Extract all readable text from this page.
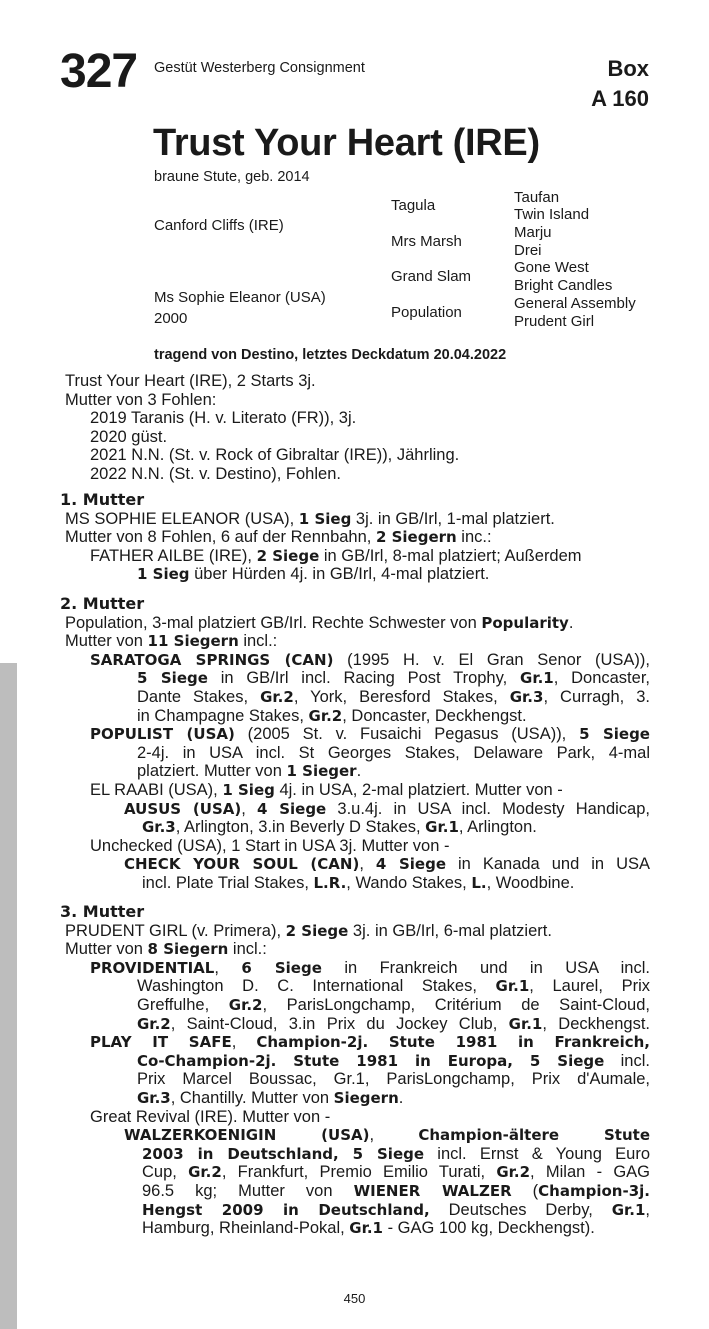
327 Gestüt Westerberg Consignment	Box
A 160
Trust Your Heart (IRE)
braune Stute, geb. 2014
Canford Cliffs (IRE)
Ms Sophie Eleanor (USA)
2000
Tagula
Mrs Marsh
Grand Slam
Population
Taufan
Twin Island
Marju
Drei
Gone West
Bright Candles
General Assembly
Prudent Girl
tragend von Destino, letztes Deckdatum 20.04.2022
Trust Your Heart (IRE), 2 Starts 3j.
Mutter von 3 Fohlen:
2019 Taranis (H. v. Literato (FR)), 3j.
2020 güst.
2021 N.N. (St. v. Rock of Gibraltar (IRE)), Jährling.
2022 N.N. (St. v. Destino), Fohlen.
1. Mutter
MS SOPHIE ELEANOR (USA), 1 Sieg 3j. in GB/Irl, 1-mal platziert.
Mutter von 8 Fohlen, 6 auf der Rennbahn, 2 Siegern inc.:
FATHER AILBE (IRE), 2 Siege in GB/Irl, 8-mal platziert; Außerdem
1 Sieg über Hürden 4j. in GB/Irl, 4-mal platziert.
2. Mutter
Population, 3-mal platziert GB/Irl. Rechte Schwester von Popularity.
Mutter von 11 Siegern incl.:
SARATOGA SPRINGS (CAN) (1995 H. v. El Gran Senor (USA)),
5 Siege in GB/Irl incl. Racing Post Trophy, Gr.1, Doncaster,
Dante Stakes, Gr.2, York, Beresford Stakes, Gr.3, Curragh, 3.
in Champagne Stakes, Gr.2, Doncaster, Deckhengst.
POPULIST (USA) (2005 St. v. Fusaichi Pegasus (USA)), 5 Siege
2-4j. in USA incl. St Georges Stakes, Delaware Park, 4-mal
platziert. Mutter von 1 Sieger.
EL RAABI (USA), 1 Sieg 4j. in USA, 2-mal platziert. Mutter von -
AUSUS (USA), 4 Siege 3.u.4j. in USA incl. Modesty Handicap,
Gr.3, Arlington, 3.in Beverly D Stakes, Gr.1, Arlington.
Unchecked (USA), 1 Start in USA 3j. Mutter von -
CHECK YOUR SOUL (CAN), 4 Siege in Kanada und in USA
incl. Plate Trial Stakes, L.R., Wando Stakes, L., Woodbine.
3. Mutter
PRUDENT GIRL (v. Primera), 2 Siege 3j. in GB/Irl, 6-mal platziert.
Mutter von 8 Siegern incl.:
PROVIDENTIAL, 6 Siege in Frankreich und in USA incl.
Washington D. C. International Stakes, Gr.1, Laurel, Prix
Greffulhe, Gr.2, ParisLongchamp, Critérium de Saint-Cloud,
Gr.2, Saint-Cloud, 3.in Prix du Jockey Club, Gr.1, Deckhengst.
PLAY IT SAFE, Champion-2j. Stute 1981 in Frankreich,
Co-Champion-2j. Stute 1981 in Europa, 5 Siege incl.
Prix Marcel Boussac, Gr.1, ParisLongchamp, Prix d'Aumale,
Gr.3, Chantilly. Mutter von Siegern.
Great Revival (IRE). Mutter von -
WALZERKOENIGIN (USA), Champion-ältere Stute
2003 in Deutschland, 5 Siege incl. Ernst & Young Euro
Cup, Gr.2, Frankfurt, Premio Emilio Turati, Gr.2, Milan - GAG
96.5 kg; Mutter von WIENER WALZER (Champion-3j.
Hengst 2009 in Deutschland, Deutsches Derby, Gr.1,
Hamburg, Rheinland-Pokal, Gr.1 - GAG 100 kg, Deckhengst).
450
